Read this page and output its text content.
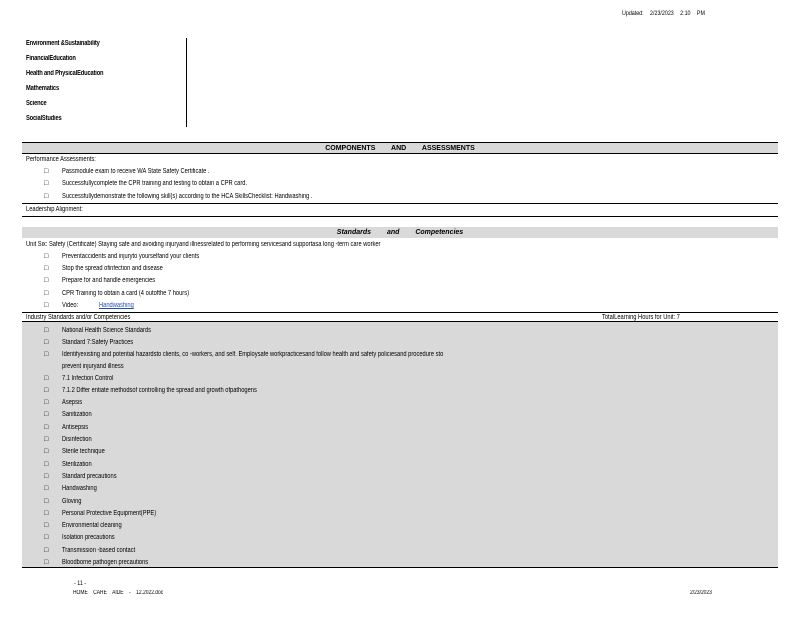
Updated: 2/23/2023 2:10 PM
Environment &Sustainability
FinancialEducation
Health and PhysicalEducation
Mathematics
Science
SocialStudies
COMPONENTS AND ASSESSMENTS
Performance Assessments:
□ Passmodule exam to receive WA State Safety Certificate .
□ Successfullycomplete the CPR training and testing to obtain a CPR card.
□ Successfullydemonstrate the following skill(s) according to the HCA SkillsChecklist: Handwashing .
Leadership Alignment:
Standards and Competencies
Unit Six: Safety (Certificate) Staying safe and avoiding injuryand illnessrelated to performing servicesand supportasa long -term care worker
□ Preventaccidents and injuryto yourselfand your clients
□ Stop the spread ofinfection and disease
□ Prepare for and handle emergencies
□ CPR Training to obtain a card (4 outofthe 7 hours)
□ Video:	Handwashing
Industry Standards and/or Competencies	TotalLearning Hours for Unit: 7
□ National Health Science Standards
□ Standard 7:Safety Practices
□ Identifyexisting and potential hazardsto clients, co -workers, and self. Employsafe workpracticesand follow health and safety policiesand procedure sto
□ 7.1 Infection Control
□ 7.1.2 Differ entiate methodsof controlling the spread and growth ofpathogens
□ Asepsis
□ Sanitization
□ Antisepsis
□ Disinfection
□ Sterile technique
□ Sterilization
□ Standard precautions
□ Handwashing
□ Gloving
□ Personal Protective Equipment(PPE)
□ Environmental cleaning
□ Isolation precautions
□ Transmission -based contact
□ Bloodborne pathogen precautions
prevent injuryand illness
- 11 -
HOME CARE AIDE - 12.2022.doc	2/23/2023
